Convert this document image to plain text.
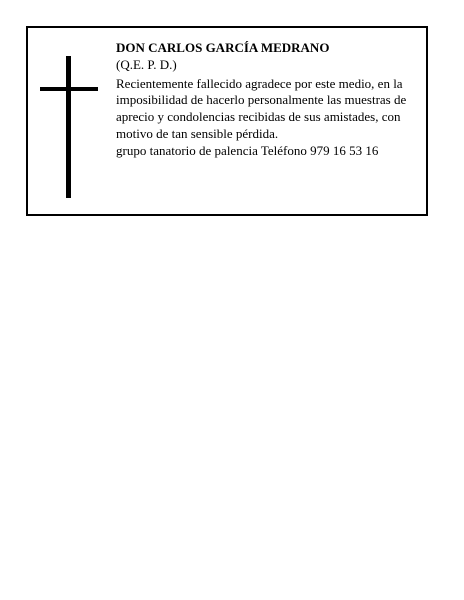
DON CARLOS GARCÍA MEDRANO

(Q.E. P. D.)

Recientemente fallecido agradece por este medio, en la imposibilidad de hacerlo personalmente las muestras de aprecio y condolencias recibidas de sus amistades, con motivo de tan sensible pérdida.

grupo tanatorio de palencia Teléfono 979 16 53 16
